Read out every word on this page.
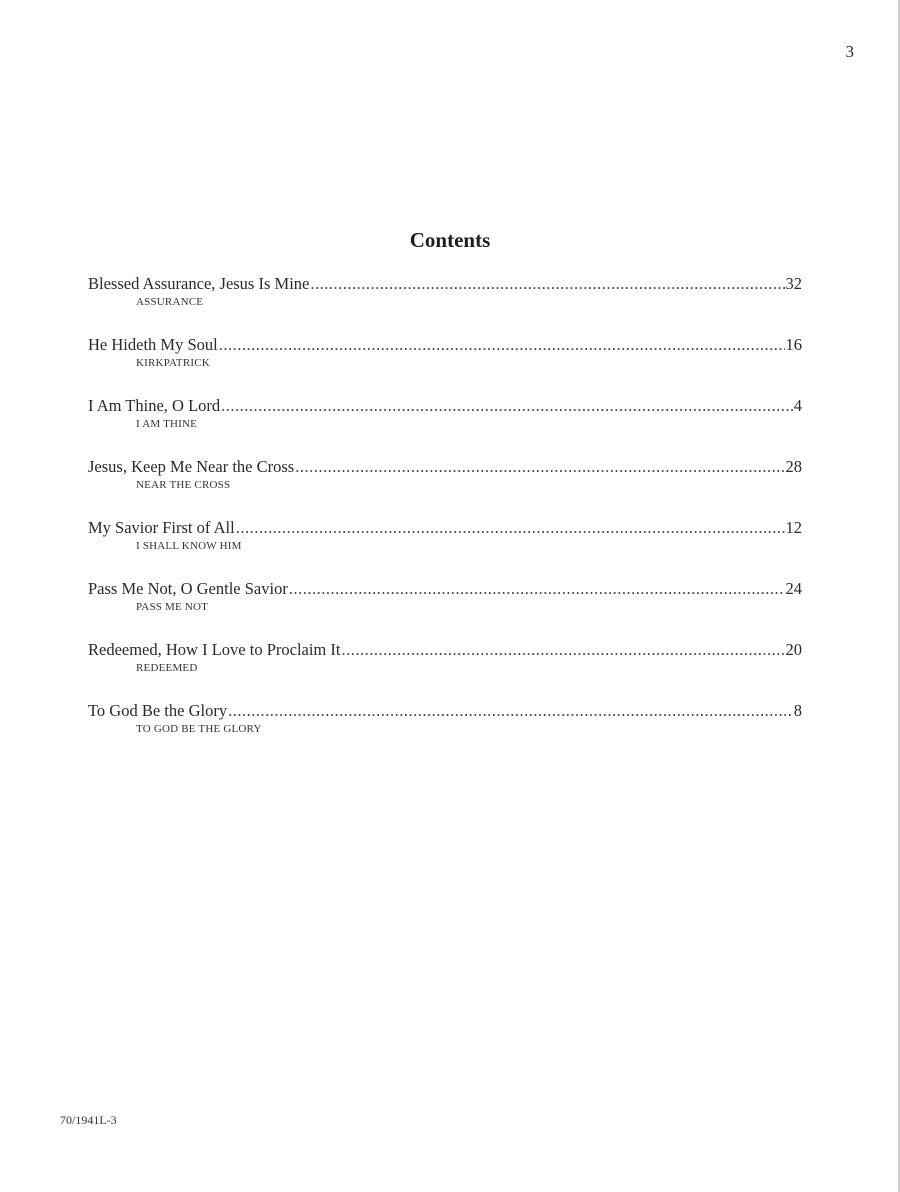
3
Contents
Blessed Assurance, Jesus Is Mine .....	32
ASSURANCE
He Hideth My Soul .....	16
KIRKPATRICK
I Am Thine, O Lord .....	4
I AM THINE
Jesus, Keep Me Near the Cross .....	28
NEAR THE CROSS
My Savior First of All .....	12
I SHALL KNOW HIM
Pass Me Not, O Gentle Savior .....	24
PASS ME NOT
Redeemed, How I Love to Proclaim It .....	20
REDEEMED
To God Be the Glory .....	8
TO GOD BE THE GLORY
70/1941L-3
